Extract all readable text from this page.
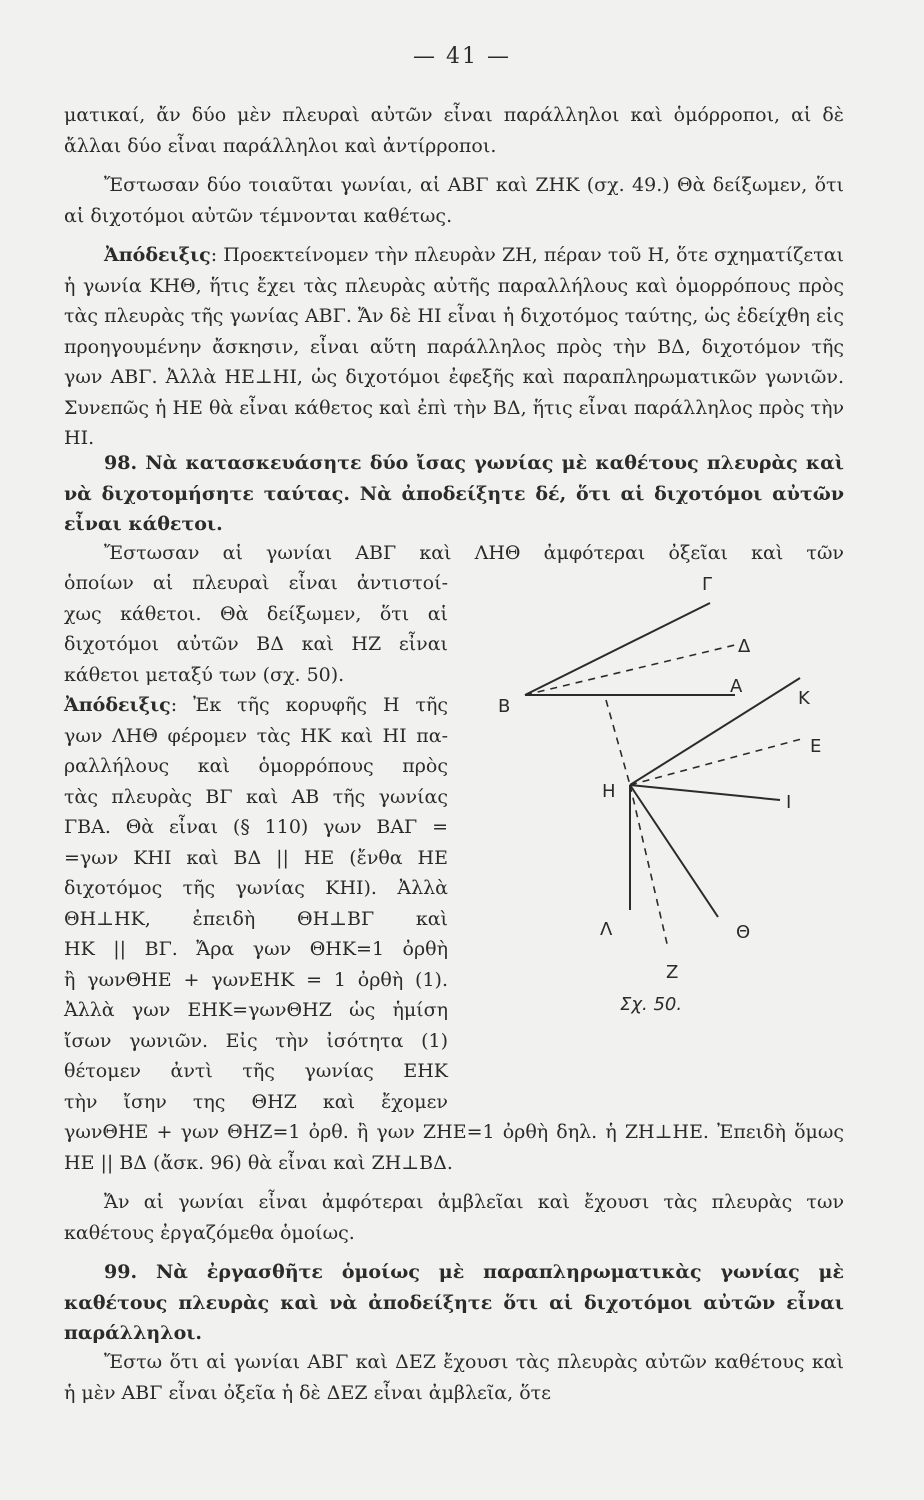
— 41 —

ματικαί, ἄν δύο μὲν πλευραὶ αὐτῶν εἶναι παράλληλοι καὶ ὁμόρροποι, αἱ δὲ ἄλλαι δύο εἶναι παράλληλοι καὶ ἀντίρροποι.

Ἔστωσαν δύο τοιαῦται γωνίαι, αἱ ΑΒΓ καὶ ΖΗΚ (σχ. 49.) Θὰ δείξωμεν, ὅτι αἱ διχοτόμοι αὐτῶν τέμνονται καθέτως.

Ἀπόδειξις: Προεκτείνομεν τὴν πλευρὰν ΖΗ, πέραν τοῦ Η, ὅτε σχηματίζεται ἡ γωνία ΚΗΘ, ἥτις ἔχει τὰς πλευρὰς αὐτῆς παραλλήλους καὶ ὁμορρόπους πρὸς τὰς πλευρὰς τῆς γωνίας ΑΒΓ. Ἄν δὲ ΗΙ εἶναι ἡ διχοτόμος ταύτης, ὡς ἐδείχθη εἰς προηγουμένην ἄσκησιν, εἶναι αὕτη παράλληλος πρὸς τὴν ΒΔ, διχοτόμον τῆς γων ΑΒΓ. Ἀλλὰ ΗΕ⊥ΗΙ, ὡς διχοτόμοι ἐφεξῆς καὶ παραπληρωματικῶν γωνιῶν. Συνεπῶς ἡ ΗΕ θὰ εἶναι κάθετος καὶ ἐπὶ τὴν ΒΔ, ἥτις εἶναι παράλληλος πρὸς τὴν ΗΙ.

98. Νὰ κατασκευάσητε δύο ἴσας γωνίας μὲ καθέτους πλευρὰς καὶ νὰ διχοτομήσητε ταύτας. Νὰ ἀποδείξητε δέ, ὅτι αἱ διχοτόμοι αὐτῶν εἶναι κάθετοι.

Ἔστωσαν αἱ γωνίαι ΑΒΓ καὶ ΛΗΘ ἀμφότεραι ὀξεῖαι καὶ τῶν

ὁποίων αἱ πλευραὶ εἶναι ἀντιστοί-
χως κάθετοι. Θὰ δείξωμεν, ὅτι αἱ
διχοτόμοι αὐτῶν ΒΔ καὶ ΗΖ εἶναι
κάθετοι μεταξύ των (σχ. 50).
Ἀπόδειξις: Ἐκ τῆς κορυφῆς Η τῆς
γων ΛΗΘ φέρομεν τὰς ΗΚ καὶ ΗΙ πα-
ραλλήλους καὶ ὁμορρόπους πρὸς
τὰς πλευρὰς ΒΓ καὶ ΑΒ τῆς γωνίας
ΓΒΑ. Θὰ εἶναι (§ 110) γων ΒΑΓ =
=γων ΚΗΙ καὶ ΒΔ || ΗΕ (ἔνθα ΗΕ
διχοτόμος τῆς γωνίας ΚΗΙ). Ἀλλὰ
ΘΗ⊥ΗΚ, ἐπειδὴ ΘΗ⊥ΒΓ καὶ
ΗΚ || ΒΓ. Ἄρα γων ΘΗΚ=1 ὀρθὴ
ἢ γωνΘΗΕ + γωνΕΗΚ = 1 ὀρθὴ (1).
Ἀλλὰ γων ΕΗΚ=γωνΘΗΖ ὡς ἡμίση
ἴσων γωνιῶν. Εἰς τὴν ἰσότητα (1)
θέτομεν ἀντὶ τῆς γωνίας ΕΗΚ
τὴν ἴσην της ΘΗΖ καὶ ἔχομεν

γωνΘΗΕ + γων ΘΗΖ=1 ὀρθ. ἢ γων ΖΗΕ=1 ὀρθὴ δηλ. ἡ ΖΗ⊥ΗΕ. Ἐπειδὴ ὅμως ΗΕ || ΒΔ (ἄσκ. 96) θὰ εἶναι καὶ ΖΗ⊥ΒΔ.

Ἄν αἱ γωνίαι εἶναι ἀμφότεραι ἀμβλεῖαι καὶ ἔχουσι τὰς πλευρὰς των καθέτους ἐργαζόμεθα ὁμοίως.

99. Νὰ ἐργασθῆτε ὁμοίως μὲ παραπληρωματικὰς γωνίας μὲ καθέτους πλευρὰς καὶ νὰ ἀποδείξητε ὅτι αἱ διχοτόμοι αὐτῶν εἶναι παράλληλοι.

Ἔστω ὅτι αἱ γωνίαι ΑΒΓ καὶ ΔΕΖ ἔχουσι τὰς πλευρὰς αὐτῶν καθέτους καὶ ἡ μὲν ΑΒΓ εἶναι ὀξεῖα ἡ δὲ ΔΕΖ εἶναι ἀμβλεῖα, ὅτε

Γ
Δ
Α
Β	Κ
Ε
Η
Ι
Λ	Θ
Ζ
Σχ. 50.
